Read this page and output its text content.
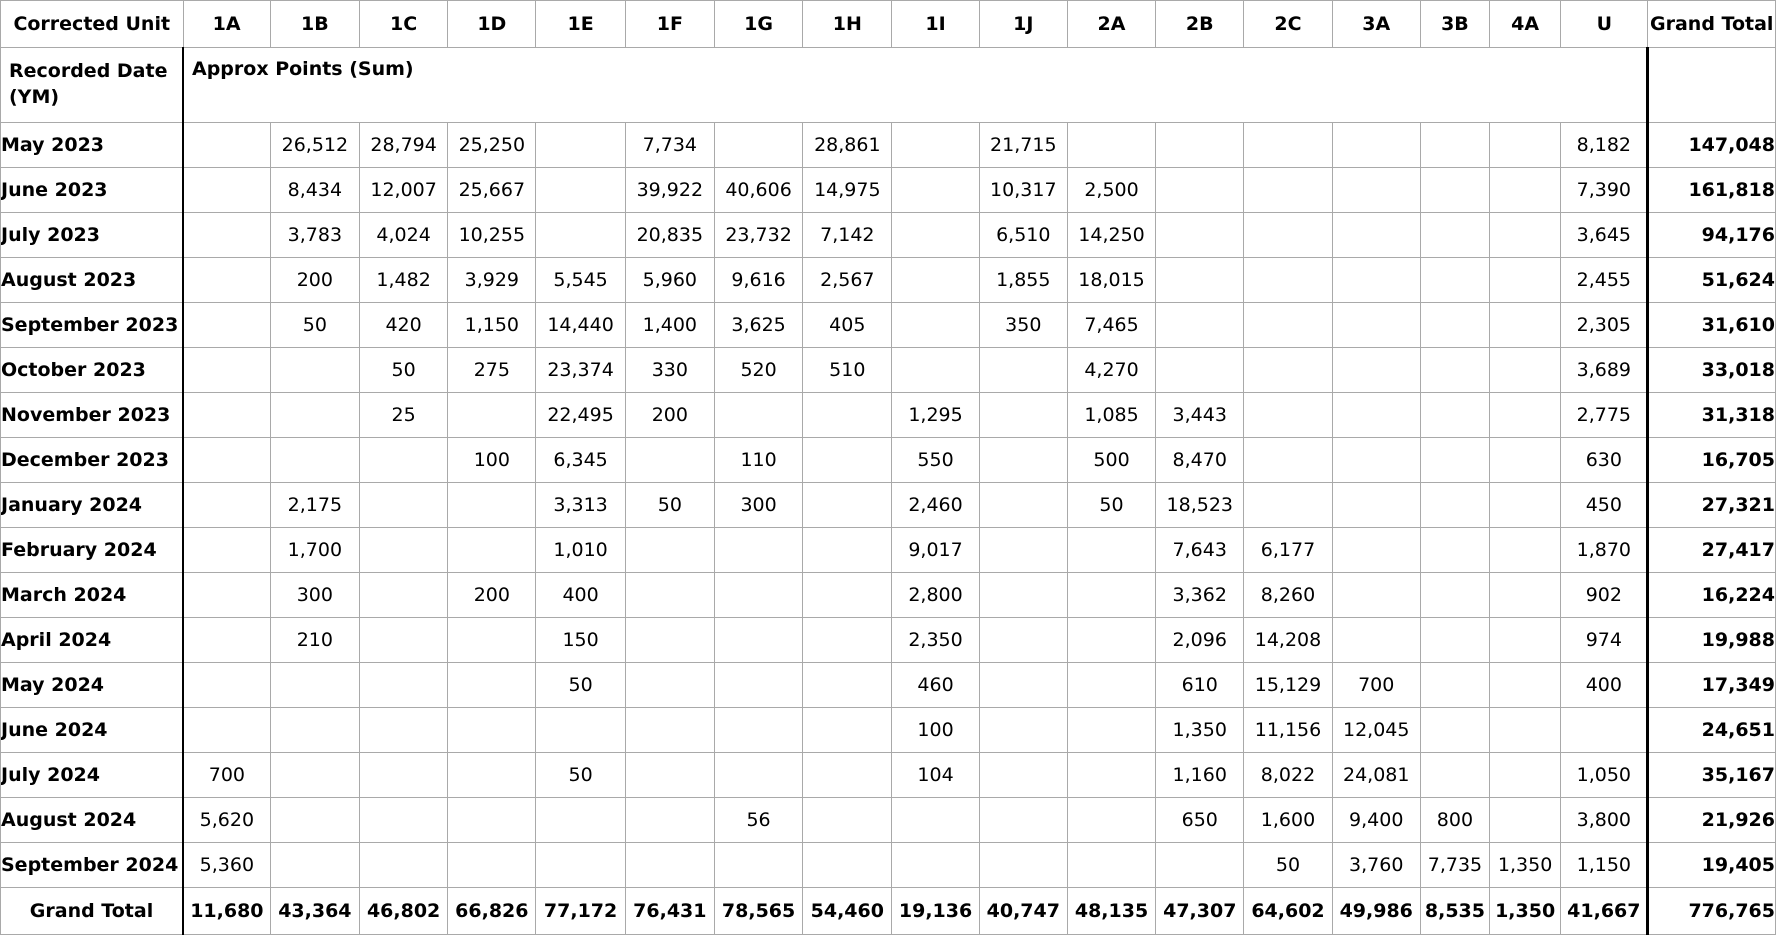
Corrected Unit	1A	1B	1C	1D	1E	1F	1G	1H	1I	1J	2A	2B	2C	3A	3B	4A	U	Grand Total

Recorded Date (YM)	Approx Points (Sum)																	

May 2023		26,512	28,794	25,250		7,734		28,861		21,715							8,182	147,048
June 2023		8,434	12,007	25,667		39,922	40,606	14,975		10,317	2,500						7,390	161,818
July 2023		3,783	4,024	10,255		20,835	23,732	7,142		6,510	14,250						3,645	94,176
August 2023		200	1,482	3,929	5,545	5,960	9,616	2,567		1,855	18,015						2,455	51,624
September 2023		50	420	1,150	14,440	1,400	3,625	405		350	7,465						2,305	31,610
October 2023			50	275	23,374	330	520	510			4,270						3,689	33,018
November 2023			25		22,495	200			1,295		1,085	3,443					2,775	31,318
December 2023				100	6,345		110		550		500	8,470					630	16,705
January 2024		2,175			3,313	50	300		2,460		50	18,523					450	27,321
February 2024		1,700			1,010				9,017			7,643	6,177				1,870	27,417
March 2024		300		200	400				2,800			3,362	8,260				902	16,224
April 2024		210			150				2,350			2,096	14,208				974	19,988
May 2024					50				460			610	15,129	700			400	17,349
June 2024									100			1,350	11,156	12,045				24,651
July 2024	700				50				104			1,160	8,022	24,081			1,050	35,167
August 2024	5,620						56					650	1,600	9,400	800		3,800	21,926
September 2024	5,360												50	3,760	7,735	1,350	1,150	19,405
Grand Total	11,680	43,364	46,802	66,826	77,172	76,431	78,565	54,460	19,136	40,747	48,135	47,307	64,602	49,986	8,535	1,350	41,667	776,765
